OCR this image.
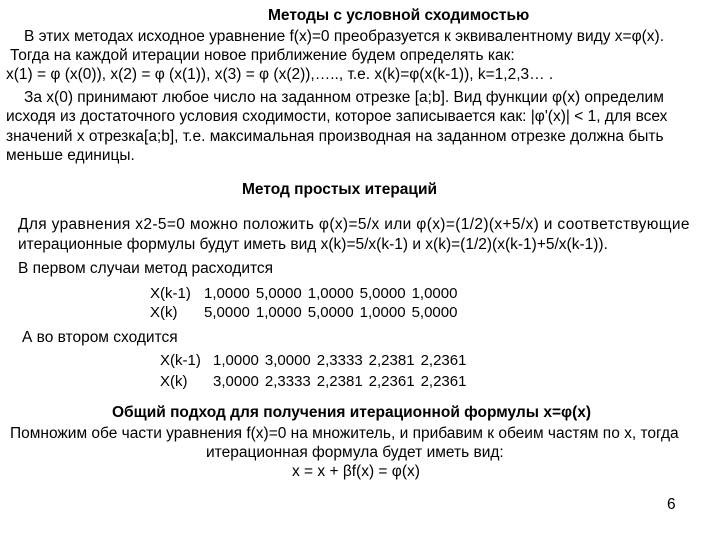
Методы с условной сходимостью
В этих методах исходное уравнение f(x)=0 преобразуется к эквивалентному виду x=φ(x).
Тогда на каждой итерации новое приближение будем определять как:
x(1) = φ (x(0)), x(2) = φ (x(1)), x(3) = φ (x(2)),….., т.е. x(k)=φ(x(k-1)), k=1,2,3… .
За x(0) принимают любое число на заданном отрезке [a;b]. Вид функции φ(x) определим
исходя из достаточного условия сходимости, которое записывается как: |φ'(x)| < 1, для всех
значений x отрезка[a;b], т.е. максимальная производная на заданном отрезке должна быть
меньше единицы.
Метод простых итераций
Для уравнения x2-5=0 можно положить φ(x)=5/x или φ(x)=(1/2)(x+5/x) и соответствующие
итерационные формулы будут иметь вид x(k)=5/x(k-1) и x(k)=(1/2)(x(k-1)+5/x(k-1)).
В первом случаи метод расходится
X(k-1)
X(k)
1,0000 5,0000 1,0000 5,0000 1,0000
5,0000 1,0000 5,0000 1,0000 5,0000
А во втором сходится
X(k-1)
X(k)
1,0000 3,0000 2,3333 2,2381 2,2361
3,0000 2,3333 2,2381 2,2361 2,2361
Общий подход для получения итерационной формулы x=φ(x)
Помножим обе части уравнения f(x)=0 на множитель, и прибавим к обеим частям по x, тогда
итерационная формула будет иметь вид:
x = x + βf(x) = φ(x)
6
